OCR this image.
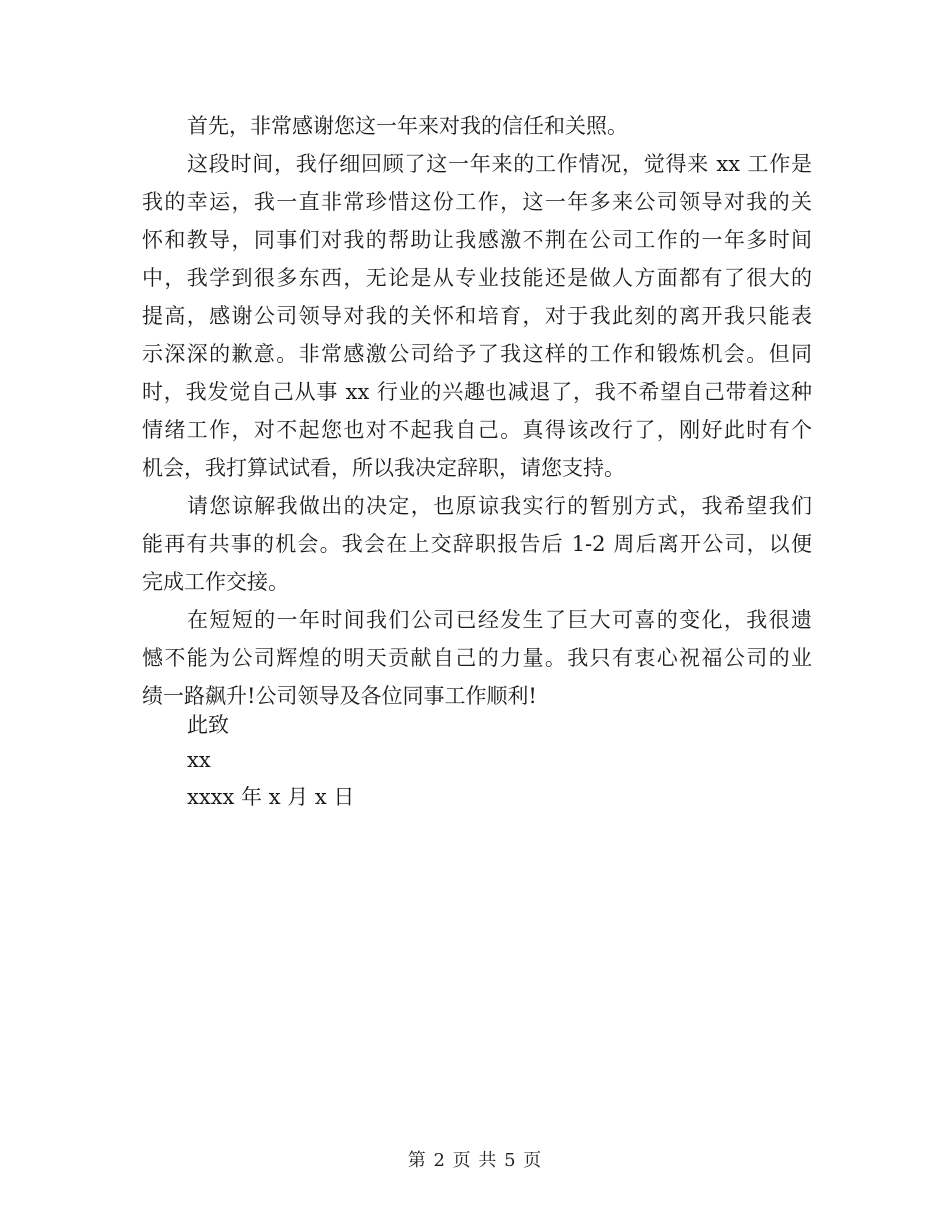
首先，非常感谢您这一年来对我的信任和关照。
这段时间，我仔细回顾了这一年来的工作情况，觉得来 xx 工作是
我的幸运，我一直非常珍惜这份工作，这一年多来公司领导对我的关
怀和教导，同事们对我的帮助让我感激不荆在公司工作的一年多时间
中，我学到很多东西，无论是从专业技能还是做人方面都有了很大的
提高，感谢公司领导对我的关怀和培育，对于我此刻的离开我只能表
示深深的歉意。非常感激公司给予了我这样的工作和锻炼机会。但同
时，我发觉自己从事 xx 行业的兴趣也减退了，我不希望自己带着这种
情绪工作，对不起您也对不起我自己。真得该改行了，刚好此时有个
机会，我打算试试看，所以我决定辞职，请您支持。
请您谅解我做出的决定，也原谅我实行的暂别方式，我希望我们
能再有共事的机会。我会在上交辞职报告后 1-2 周后离开公司，以便
完成工作交接。
在短短的一年时间我们公司已经发生了巨大可喜的变化，我很遗
憾不能为公司辉煌的明天贡献自己的力量。我只有衷心祝福公司的业
绩一路飙升!公司领导及各位同事工作顺利!
此致
xx
xxxx 年 x 月 x 日
第 2 页 共 5 页
